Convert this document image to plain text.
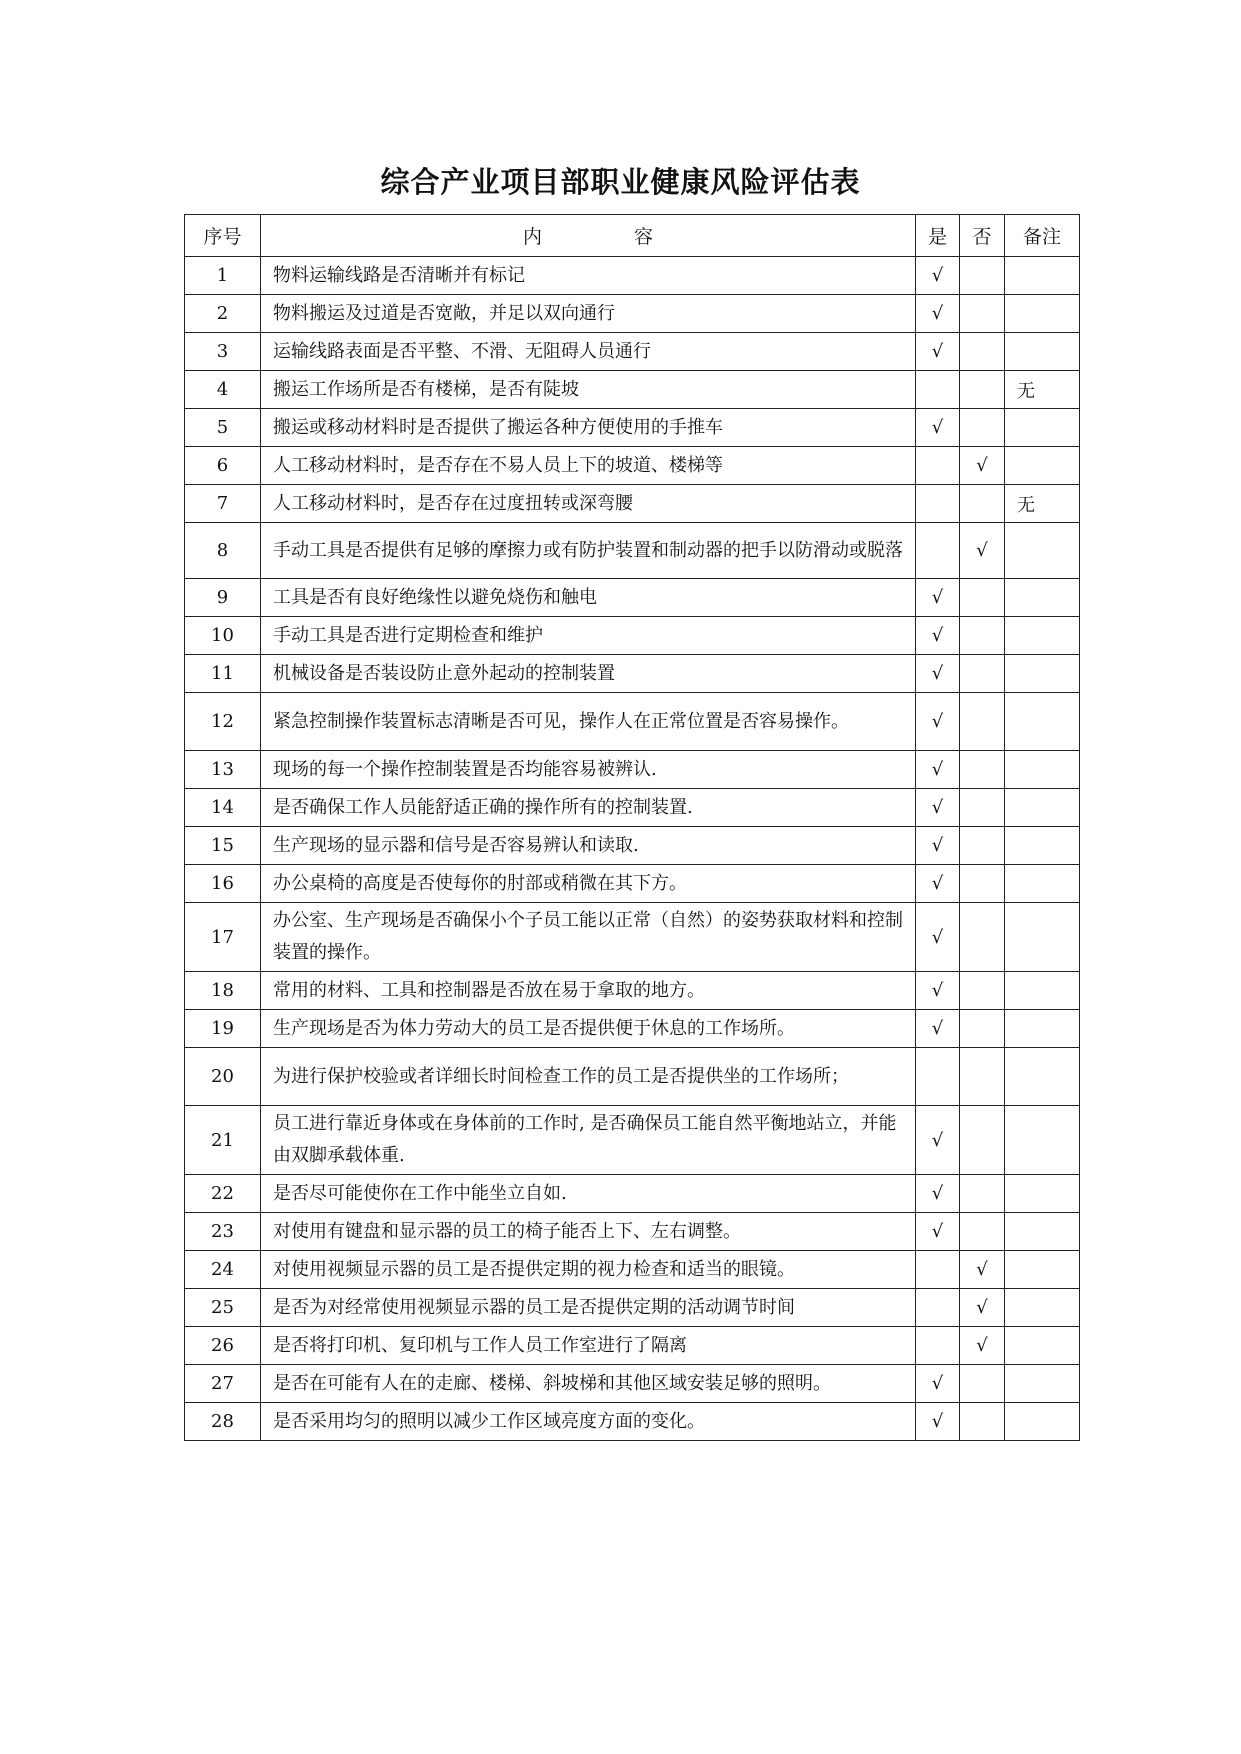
综合产业项目部职业健康风险评估表
序号	内 容	是	否	备注
1	物料运输线路是否清晰并有标记	√		
2	物料搬运及过道是否宽敞，并足以双向通行	√		
3	运输线路表面是否平整、不滑、无阻碍人员通行	√		
4	搬运工作场所是否有楼梯，是否有陡坡			无
5	搬运或移动材料时是否提供了搬运各种方便使用的手推车	√		
6	人工移动材料时，是否存在不易人员上下的坡道、楼梯等		√	
7	人工移动材料时，是否存在过度扭转或深弯腰			无
8	手动工具是否提供有足够的摩擦力或有防护装置和制动器的把手以防滑动或脱落		√	
9	工具是否有良好绝缘性以避免烧伤和触电	√		
10	手动工具是否进行定期检查和维护	√		
11	机械设备是否装设防止意外起动的控制装置	√		
12	紧急控制操作装置标志清晰是否可见，操作人在正常位置是否容易操作。	√		
13	现场的每一个操作控制装置是否均能容易被辨认.	√		
14	是否确保工作人员能舒适正确的操作所有的控制装置.	√		
15	生产现场的显示器和信号是否容易辨认和读取.	√		
16	办公桌椅的高度是否使每你的肘部或稍微在其下方。	√		
17	办公室、生产现场是否确保小个子员工能以正常（自然）的姿势获取材料和控制装置的操作。	√		
18	常用的材料、工具和控制器是否放在易于拿取的地方。	√		
19	生产现场是否为体力劳动大的员工是否提供便于休息的工作场所。	√		
20	为进行保护校验或者详细长时间检查工作的员工是否提供坐的工作场所；			
21	员工进行靠近身体或在身体前的工作时, 是否确保员工能自然平衡地站立，并能由双脚承载体重.	√		
22	是否尽可能使你在工作中能坐立自如.	√		
23	对使用有键盘和显示器的员工的椅子能否上下、左右调整。	√		
24	对使用视频显示器的员工是否提供定期的视力检查和适当的眼镜。		√	
25	是否为对经常使用视频显示器的员工是否提供定期的活动调节时间		√	
26	是否将打印机、复印机与工作人员工作室进行了隔离		√	
27	是否在可能有人在的走廊、楼梯、斜坡梯和其他区域安装足够的照明。	√		
28	是否采用均匀的照明以减少工作区域亮度方面的变化。	√		
